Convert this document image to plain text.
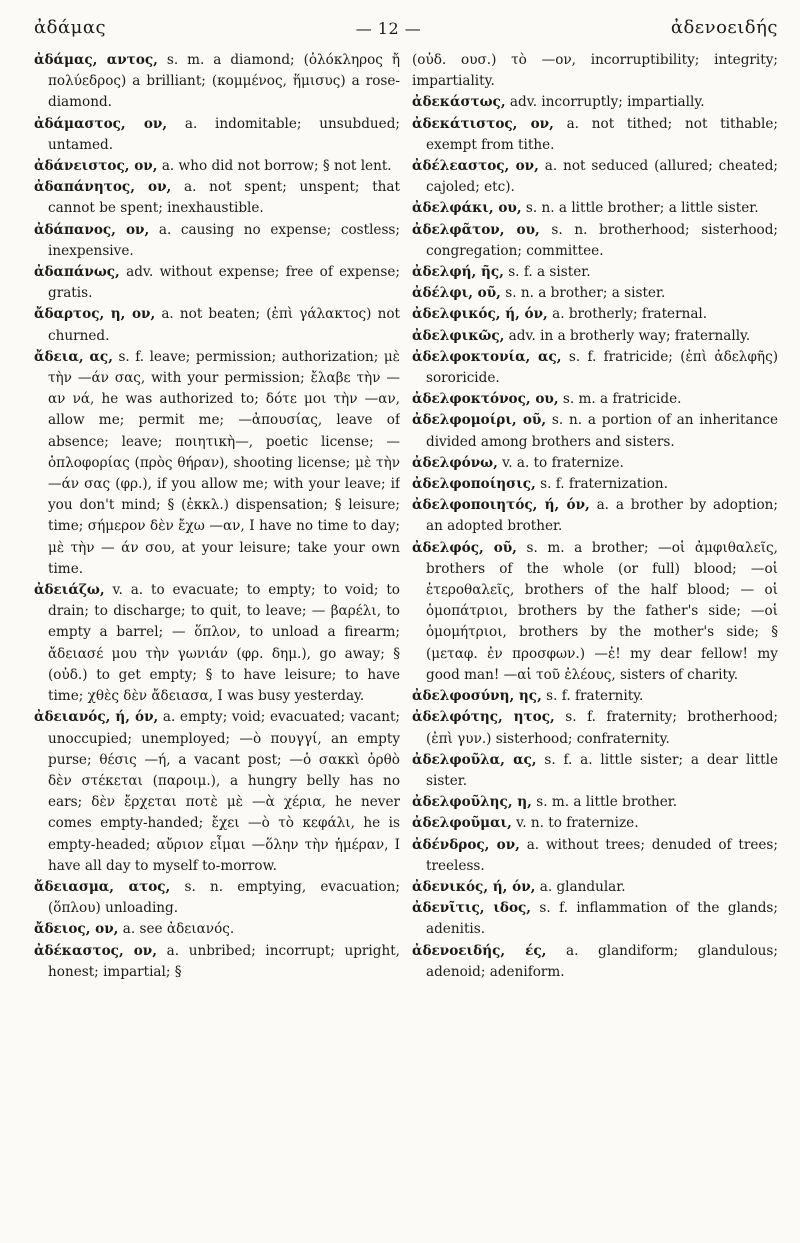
ἀδάμας	— 12 —	ἀδενοειδής

ἀδάμας, αντος, s. m. a diamond; (ὁλόκληρος ἤ πολύεδρος) a brilliant; (κομμένος, ἥμισυς) a rose-diamond.

ἀδάμαστος, ον, a. indomitable; unsubdued; untamed.

ἀδάνειστος, ον, a. who did not borrow; § not lent.

ἀδαπάνητος, ον, a. not spent; unspent; that cannot be spent; inexhaustible.

ἀδάπανος, ον, a. causing no expense; costless; inexpensive.

ἀδαπάνως, adv. without expense; free of expense; gratis.

ἄδαρτος, η, ον, a. not beaten; (ἐπὶ γάλακτος) not churned.

ἄδεια, ας, s. f. leave; permission; authorization; μὲ τὴν —άν σας, with your permission; ἔλαβε τὴν —αν νά, he was authorized to; δότε μοι τὴν —αν, allow me; permit me; —ἀπουσίας, leave of absence; leave; ποιητικὴ—, poetic license; — ὁπλοφορίας (πρὸς θήραν), shooting license; μὲ τὴν —άν σας (φρ.), if you allow me; with your leave; if you don't mind; § (ἐκκλ.) dispensation; § leisure; time; σήμερον δὲν ἔχω —αν, I have no time to day; μὲ τὴν — άν σου, at your leisure; take your own time.

ἀδειάζω, v. a. to evacuate; to empty; to void; to drain; to discharge; to quit, to leave; — βαρέλι, to empty a barrel; — ὅπλον, to unload a firearm; ἄδειασέ μου τὴν γωνιάν (φρ. δημ.), go away; § (οὐδ.) to get empty; § to have leisure; to have time; χθὲς δὲν ἄδειασα, I was busy yesterday.

ἀδειανός, ή, όν, a. empty; void; evacuated; vacant; unoccupied; unemployed; —ὸ πουγγί, an empty purse; θέσις —ή, a vacant post; —ὁ σακκὶ ὀρθὸ δὲν στέκεται (παροιμ.), a hungry belly has no ears; δὲν ἔρχεται ποτὲ μὲ —ὰ χέρια, he never comes empty-handed; ἔχει —ὸ τὸ κεφάλι, he is empty-headed; αὔριον εἶμαι —ὅλην τὴν ἡμέραν, I have all day to myself to-morrow.

ἄδειασμα, ατος, s. n. emptying, evacuation; (ὅπλου) unloading.

ἄδειος, ον, a. see ἀδειανός.

ἀδέκαστος, ον, a. unbribed; incorrupt; upright, honest; impartial; §

(οὐδ. ουσ.) τὸ —ον, incorruptibility; integrity; impartiality.

ἀδεκάστως, adv. incorruptly; impartially.

ἀδεκάτιστος, ον, a. not tithed; not tithable; exempt from tithe.

ἀδέλεαστος, ον, a. not seduced (allured; cheated; cajoled; etc).

ἀδελφάκι, ου, s. n. a little brother; a little sister.

ἀδελφᾶτον, ου, s. n. brotherhood; sisterhood; congregation; committee.

ἀδελφή, ῆς, s. f. a sister.

ἀδέλφι, οῦ, s. n. a brother; a sister.

ἀδελφικός, ή, όν, a. brotherly; fraternal.

ἀδελφικῶς, adv. in a brotherly way; fraternally.

ἀδελφοκτονία, ας, s. f. fratricide; (ἐπὶ ἀδελφῆς) sororicide.

ἀδελφοκτόνος, ου, s. m. a fratricide.

ἀδελφομοίρι, οῦ, s. n. a portion of an inheritance divided among brothers and sisters.

ἀδελφόνω, v. a. to fraternize.

ἀδελφοποίησις, s. f. fraternization.

ἀδελφοποιητός, ή, όν, a. a brother by adoption; an adopted brother.

ἀδελφός, οῦ, s. m. a brother; —οἱ ἀμφιθαλεῖς, brothers of the whole (or full) blood; —οἱ ἑτεροθαλεῖς, brothers of the half blood; — οἱ ὁμοπάτριοι, brothers by the father's side; —οἱ ὁμομήτριοι, brothers by the mother's side; § (μεταφ. ἐν προσφων.) —ἐ! my dear fellow! my good man! —αἱ τοῦ ἐλέους, sisters of charity.

ἀδελφοσύνη, ης, s. f. fraternity.

ἀδελφότης, ητος, s. f. fraternity; brotherhood; (ἐπὶ γυν.) sisterhood; confraternity.

ἀδελφοῦλα, ας, s. f. a. little sister; a dear little sister.

ἀδελφοῦλης, η, s. m. a little brother.

ἀδελφοῦμαι, v. n. to fraternize.

ἀδένδρος, ον, a. without trees; denuded of trees; treeless.

ἀδενικός, ή, όν, a. glandular.

ἀδενῖτις, ιδος, s. f. inflammation of the glands; adenitis.

ἀδενοειδής, ές, a. glandiform; glandulous; adenoid; adeniform.
